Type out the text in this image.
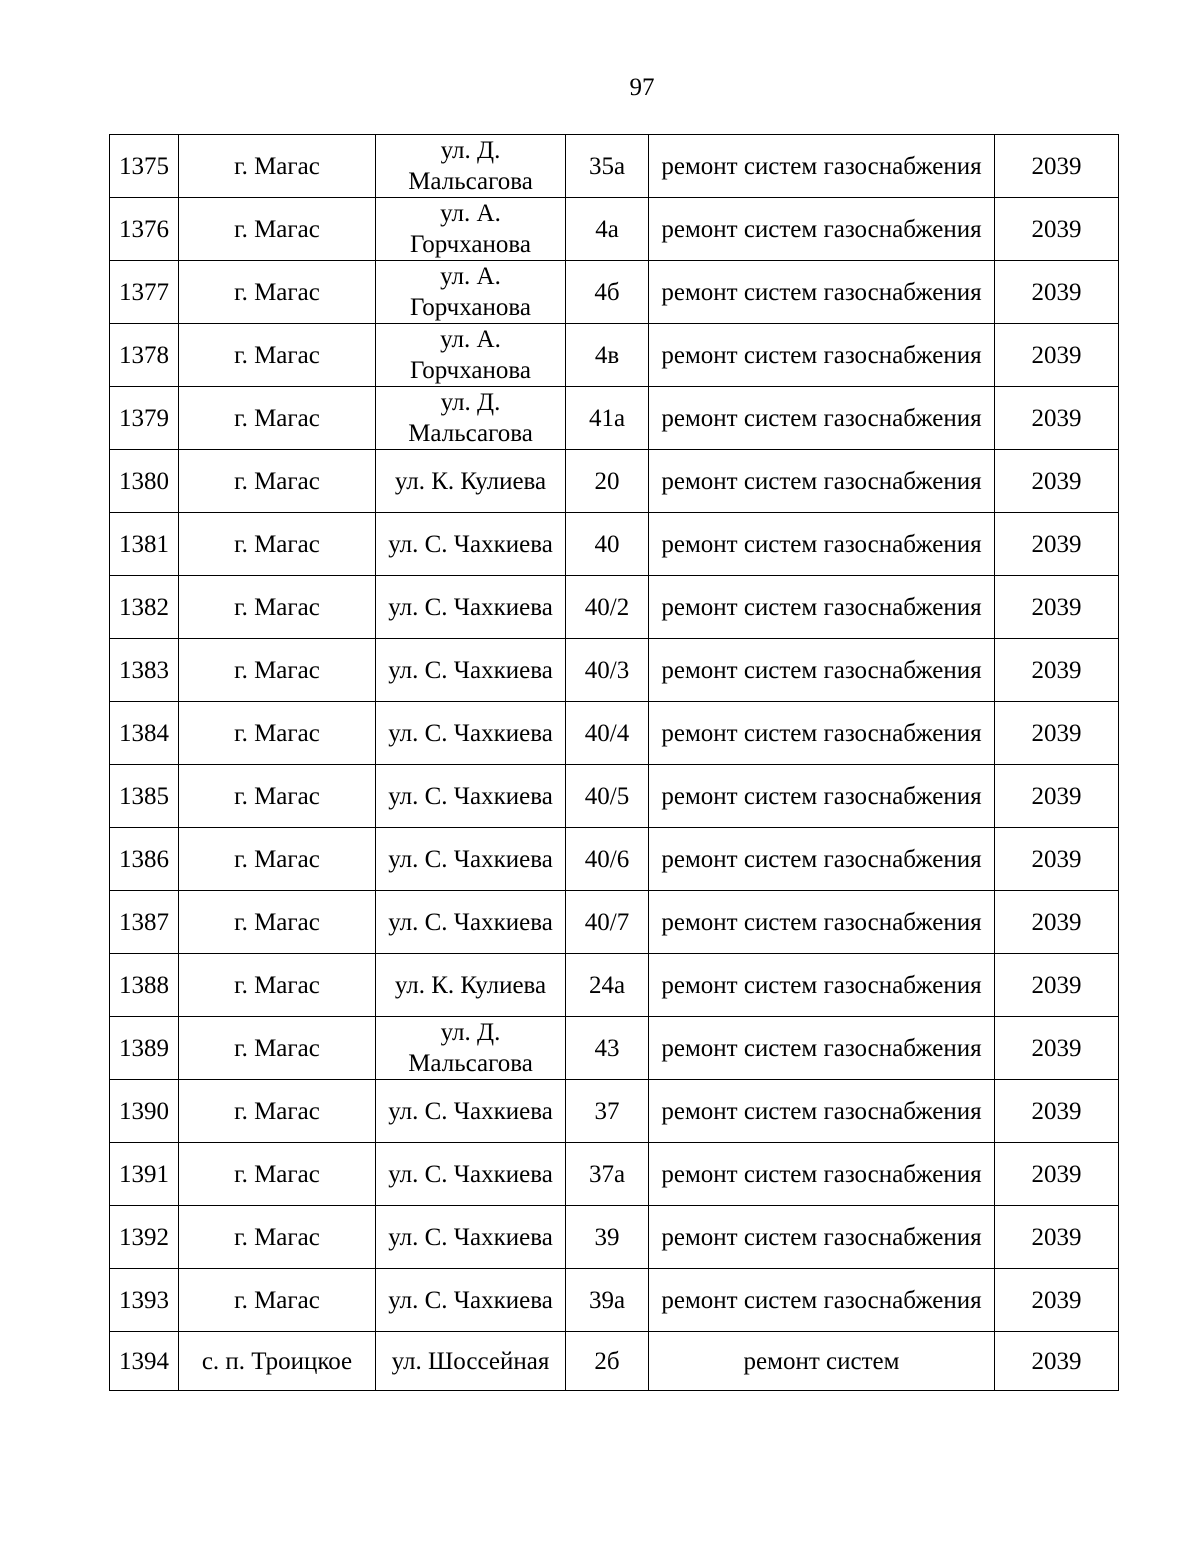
97
1375	г. Магас	ул. Д. Мальсагова	35а	ремонт систем газоснабжения	2039
1376	г. Магас	ул. А. Горчханова	4а	ремонт систем газоснабжения	2039
1377	г. Магас	ул. А. Горчханова	4б	ремонт систем газоснабжения	2039
1378	г. Магас	ул. А. Горчханова	4в	ремонт систем газоснабжения	2039
1379	г. Магас	ул. Д. Мальсагова	41а	ремонт систем газоснабжения	2039
1380	г. Магас	ул. К. Кулиева	20	ремонт систем газоснабжения	2039
1381	г. Магас	ул. С. Чахкиева	40	ремонт систем газоснабжения	2039
1382	г. Магас	ул. С. Чахкиева	40/2	ремонт систем газоснабжения	2039
1383	г. Магас	ул. С. Чахкиева	40/3	ремонт систем газоснабжения	2039
1384	г. Магас	ул. С. Чахкиева	40/4	ремонт систем газоснабжения	2039
1385	г. Магас	ул. С. Чахкиева	40/5	ремонт систем газоснабжения	2039
1386	г. Магас	ул. С. Чахкиева	40/6	ремонт систем газоснабжения	2039
1387	г. Магас	ул. С. Чахкиева	40/7	ремонт систем газоснабжения	2039
1388	г. Магас	ул. К. Кулиева	24а	ремонт систем газоснабжения	2039
1389	г. Магас	ул. Д. Мальсагова	43	ремонт систем газоснабжения	2039
1390	г. Магас	ул. С. Чахкиева	37	ремонт систем газоснабжения	2039
1391	г. Магас	ул. С. Чахкиева	37а	ремонт систем газоснабжения	2039
1392	г. Магас	ул. С. Чахкиева	39	ремонт систем газоснабжения	2039
1393	г. Магас	ул. С. Чахкиева	39а	ремонт систем газоснабжения	2039
1394	с. п. Троицкое	ул. Шоссейная	2б	ремонт систем	2039
